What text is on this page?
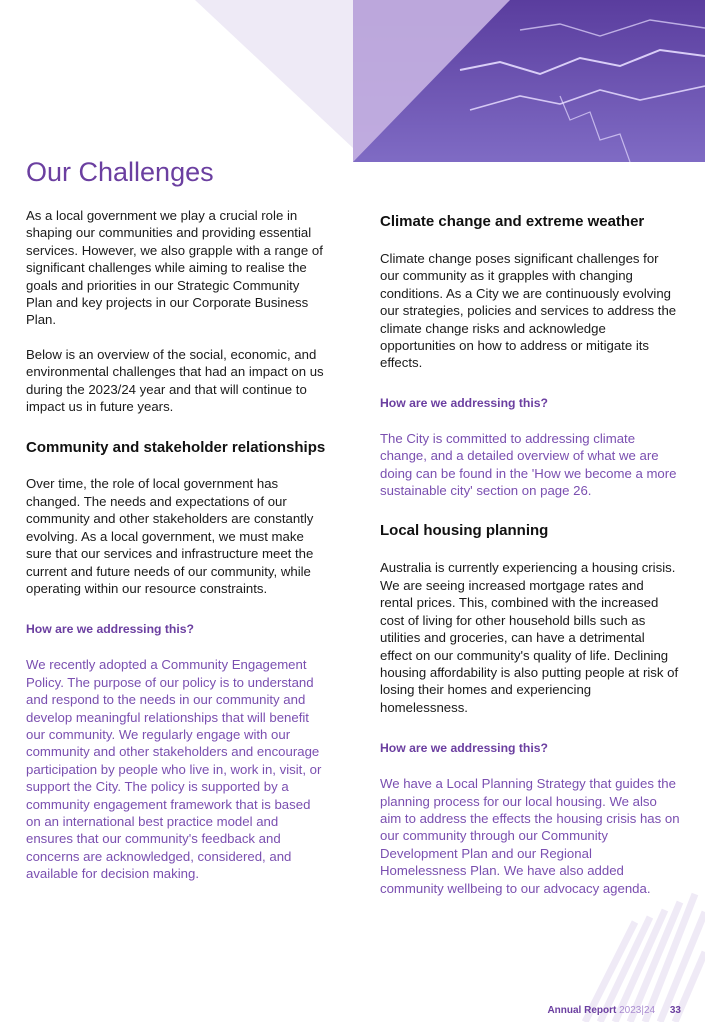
Our Challenges

As a local government we play a crucial role in shaping our communities and providing essential services. However, we also grapple with a range of significant challenges while aiming to realise the goals and priorities in our Strategic Community Plan and key projects in our Corporate Business Plan.

Below is an overview of the social, economic, and environmental challenges that had an impact on us during the 2023/24 year and that will continue to impact us in future years.

Community and stakeholder relationships

Over time, the role of local government has changed. The needs and expectations of our community and other stakeholders are constantly evolving. As a local government, we must make sure that our services and infrastructure meet the current and future needs of our community, while operating within our resource constraints.

How are we addressing this?

We recently adopted a Community Engagement Policy. The purpose of our policy is to understand and respond to the needs in our community and develop meaningful relationships that will benefit our community. We regularly engage with our community and other stakeholders and encourage participation by people who live in, work in, visit, or support the City. The policy is supported by a community engagement framework that is based on an international best practice model and ensures that our community's feedback and concerns are acknowledged, considered, and available for decision making.

Climate change and extreme weather

Climate change poses significant challenges for our community as it grapples with changing conditions. As a City we are continuously evolving our strategies, policies and services to address the climate change risks and acknowledge opportunities on how to address or mitigate its effects.

How are we addressing this?

The City is committed to addressing climate change, and a detailed overview of what we are doing can be found in the 'How we become a more sustainable city' section on page 26.

Local housing planning

Australia is currently experiencing a housing crisis. We are seeing increased mortgage rates and rental prices. This, combined with the increased cost of living for other household bills such as utilities and groceries, can have a detrimental effect on our community's quality of life. Declining housing affordability is also putting people at risk of losing their homes and experiencing homelessness.

How are we addressing this?

We have a Local Planning Strategy that guides the planning process for our local housing. We also aim to address the effects the housing crisis has on our community through our Community Development Plan and our Regional Homelessness Plan. We have also added community wellbeing to our advocacy agenda.

Annual Report 2023|24 33
